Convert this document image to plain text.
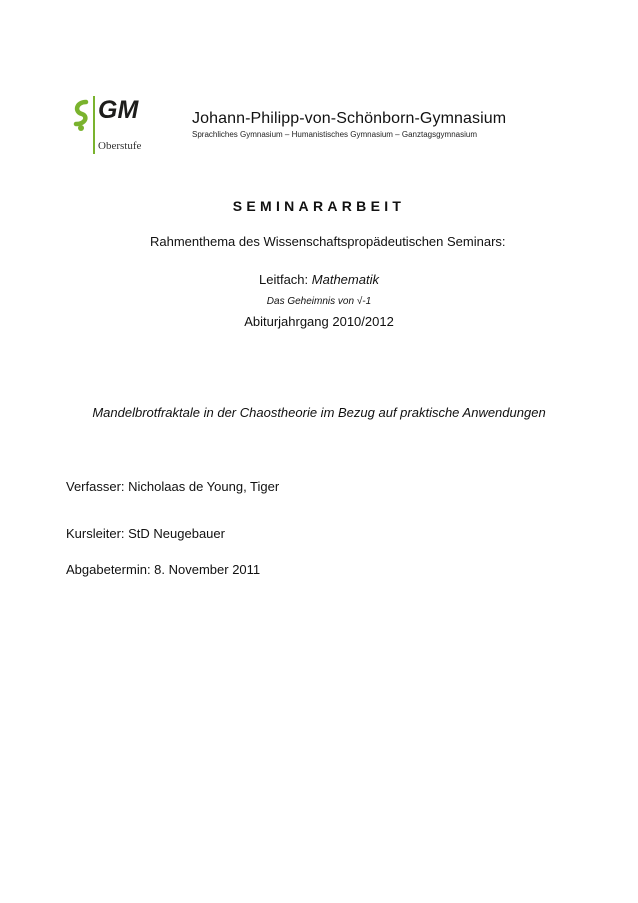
GM
Oberstufe
Johann-Philipp-von-Schönborn-Gymnasium
Sprachliches Gymnasium – Humanistisches Gymnasium – Ganztagsgymnasium
SEMINARARBEIT
Rahmenthema des Wissenschaftspropädeutischen Seminars:
Leitfach: Mathematik
Das Geheimnis von √-1
Abiturjahrgang 2010/2012
Mandelbrotfraktale in der Chaostheorie im Bezug auf praktische Anwendungen
Verfasser: Nicholaas de Young, Tiger
Kursleiter: StD Neugebauer
Abgabetermin: 8. November 2011
